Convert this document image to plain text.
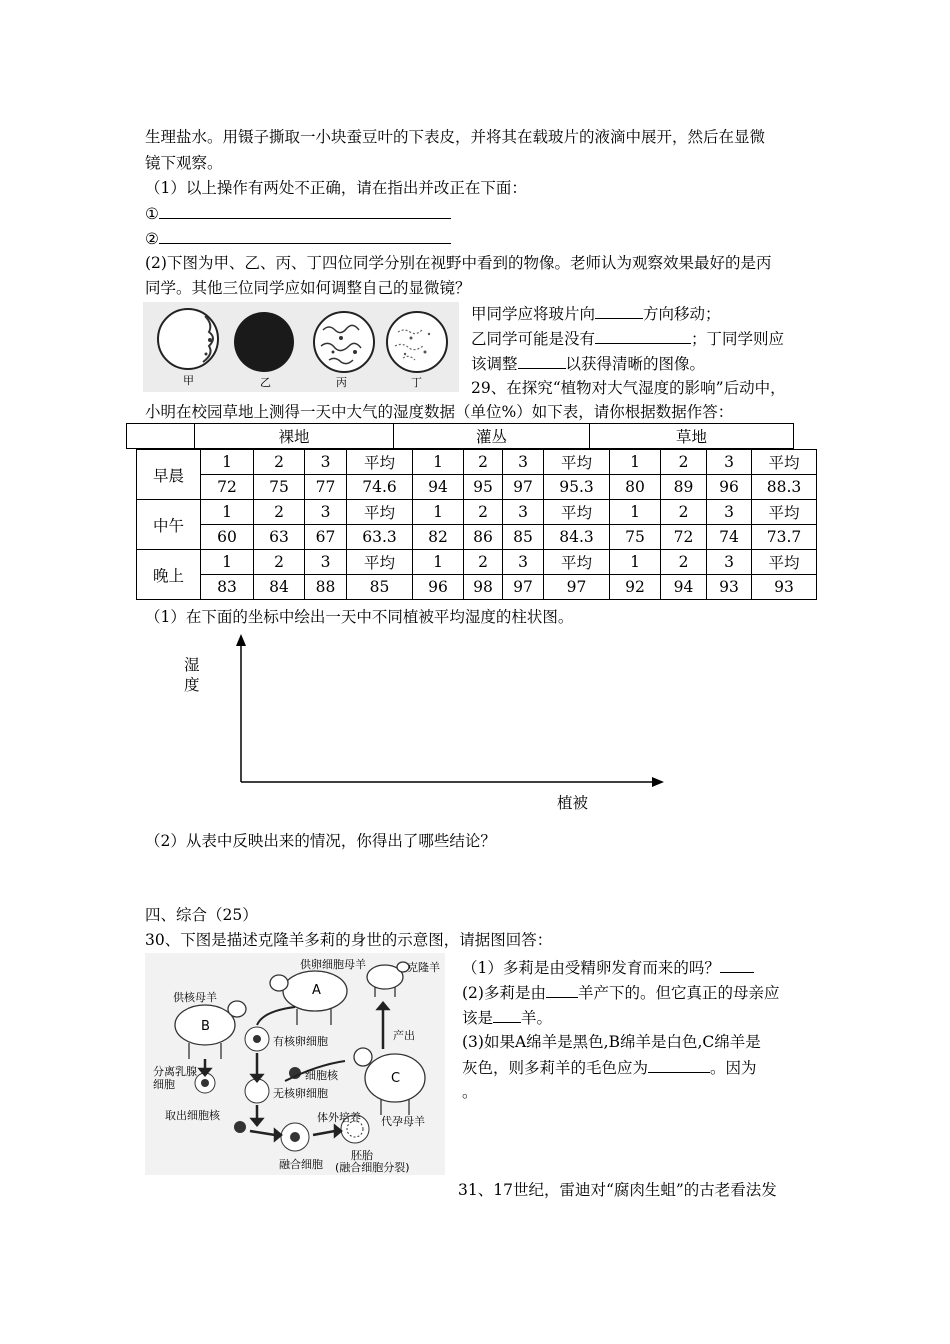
生理盐水。用镊子撕取一小块蚕豆叶的下表皮，并将其在载玻片的液滴中展开，然后在显微
镜下观察。
（1）以上操作有两处不正确，请在指出并改正在下面：
①
②
(2)下图为甲、乙、丙、丁四位同学分别在视野中看到的物像。老师认为观察效果最好的是丙
同学。其他三位同学应如何调整自己的显微镜？
甲	乙	丙	丁
甲同学应将玻片向	方向移动；
乙同学可能是没有	；丁同学则应
该调整	以获得清晰的图像。
29、在探究“植物对大气湿度的影响”后动中，
小明在校园草地上测得一天中大气的湿度数据（单位%）如下表，请你根据数据作答：
	裸地	灌丛	草地
早晨	1	2	3	平均	1	2	3	平均	1	2	3	平均
	72	75	77	74.6	94	95	97	95.3	80	89	96	88.3
中午	1	2	3	平均	1	2	3	平均	1	2	3	平均
	60	63	67	63.3	82	86	85	84.3	75	72	74	73.7
晚上	1	2	3	平均	1	2	3	平均	1	2	3	平均
	83	84	88	85	96	98	97	97	92	94	93	93
（1）在下面的坐标中绘出一天中不同植被平均湿度的柱状图。
湿
度
植被
（2）从表中反映出来的情况，你得出了哪些结论？
四、综合（25）
30、下图是描述克隆羊多莉的身世的示意图，请据图回答：
供卵细胞母羊	克隆羊
供核母羊	A
B
C
分离乳腺
细胞
有核卵细胞
细胞核
无核卵细胞
取出细胞核	体外培养 代孕母羊
融合细胞
胚胎
(融合细胞分裂)
产出
（1）多莉是由受精卵发育而来的吗？
(2)多莉是由 羊产下的。但它真正的母亲应
该是 羊。
(3)如果A绵羊是黑色,B绵羊是白色,C绵羊是
灰色，则多莉羊的毛色应为	。因为
。
31、17世纪，雷迪对“腐肉生蛆”的古老看法发
